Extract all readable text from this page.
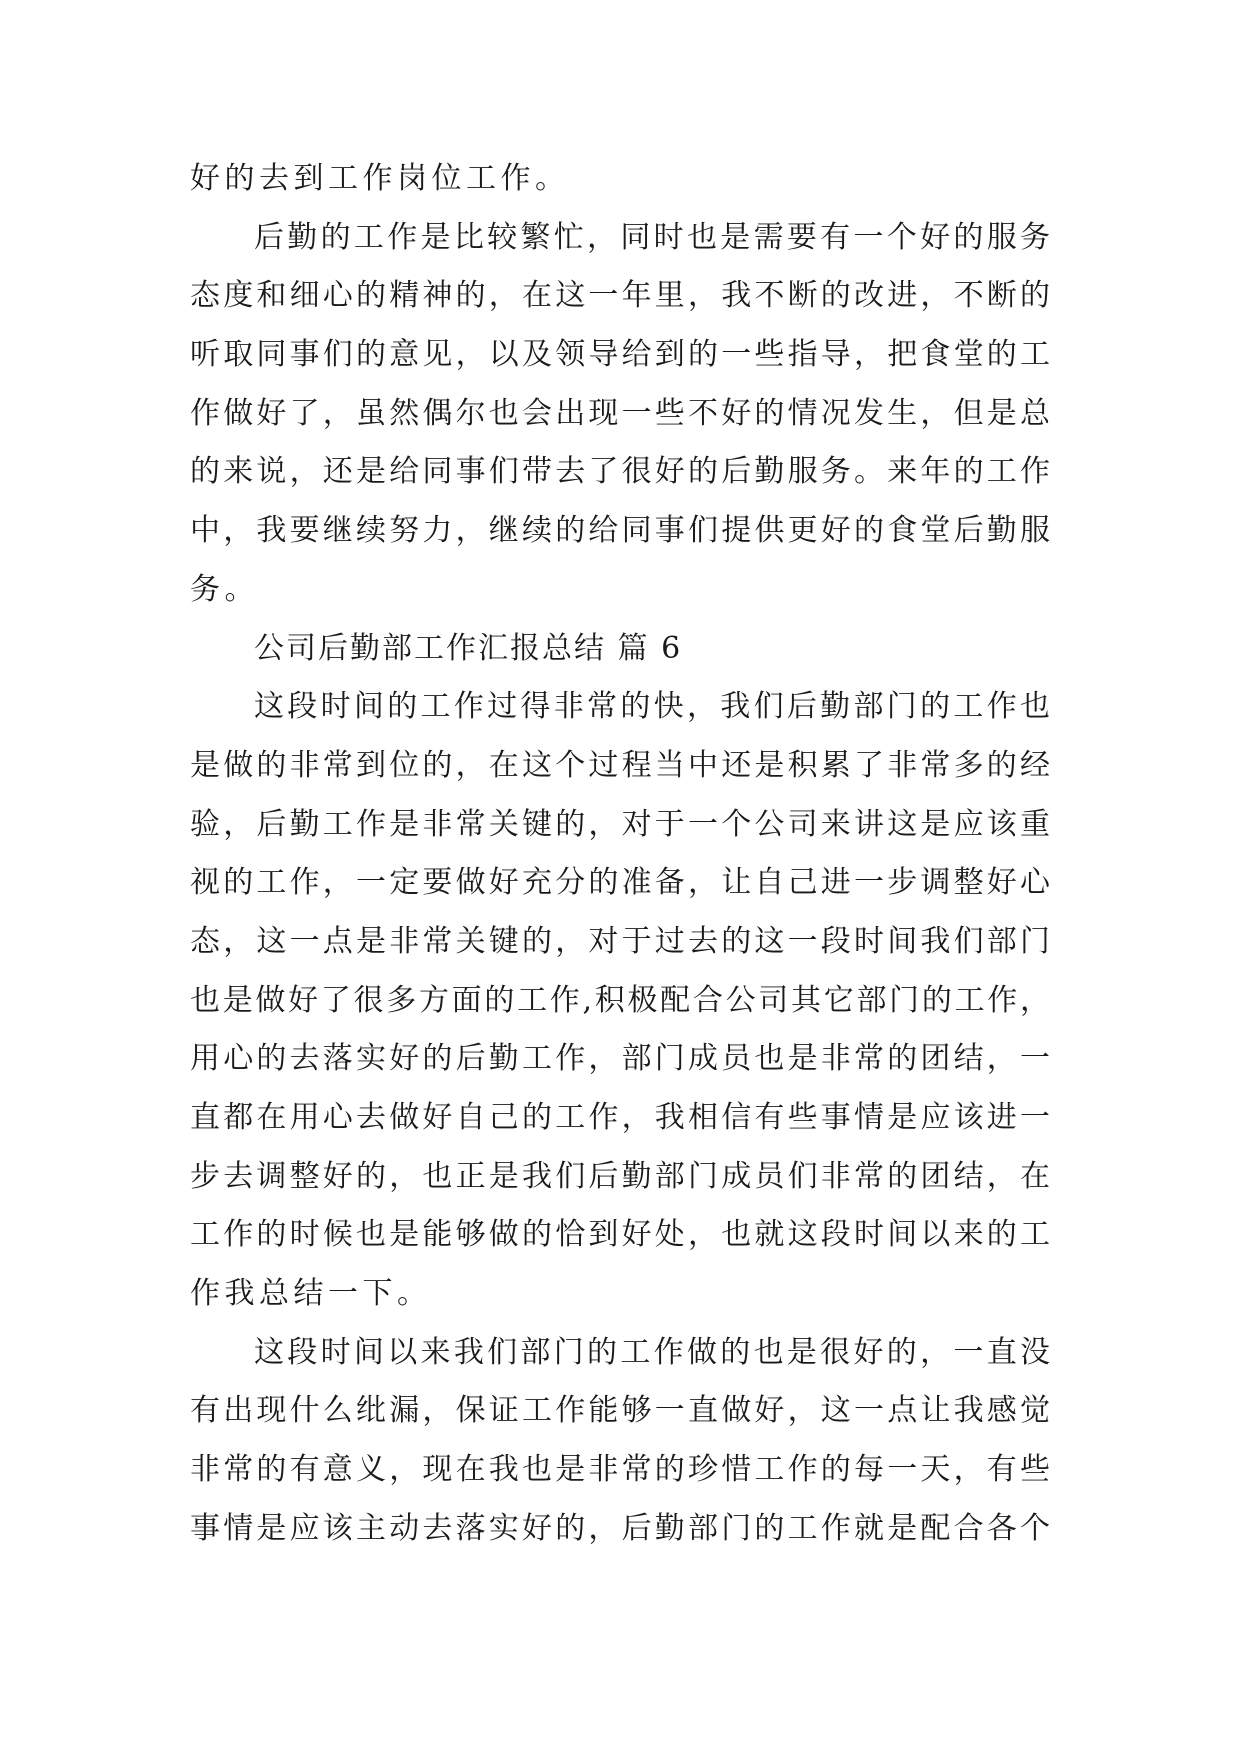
好的去到工作岗位工作。
后勤的工作是比较繁忙，同时也是需要有一个好的服务
态度和细心的精神的，在这一年里，我不断的改进，不断的
听取同事们的意见，以及领导给到的一些指导，把食堂的工
作做好了，虽然偶尔也会出现一些不好的情况发生，但是总
的来说，还是给同事们带去了很好的后勤服务。来年的工作
中，我要继续努力，继续的给同事们提供更好的食堂后勤服
务。
公司后勤部工作汇报总结 篇 6
这段时间的工作过得非常的快，我们后勤部门的工作也
是做的非常到位的，在这个过程当中还是积累了非常多的经
验，后勤工作是非常关键的，对于一个公司来讲这是应该重
视的工作，一定要做好充分的准备，让自己进一步调整好心
态，这一点是非常关键的，对于过去的这一段时间我们部门
也是做好了很多方面的工作,积极配合公司其它部门的工作，
用心的去落实好的后勤工作，部门成员也是非常的团结，一
直都在用心去做好自己的工作，我相信有些事情是应该进一
步去调整好的，也正是我们后勤部门成员们非常的团结，在
工作的时候也是能够做的恰到好处，也就这段时间以来的工
作我总结一下。
这段时间以来我们部门的工作做的也是很好的，一直没
有出现什么纰漏，保证工作能够一直做好，这一点让我感觉
非常的有意义，现在我也是非常的珍惜工作的每一天，有些
事情是应该主动去落实好的，后勤部门的工作就是配合各个
